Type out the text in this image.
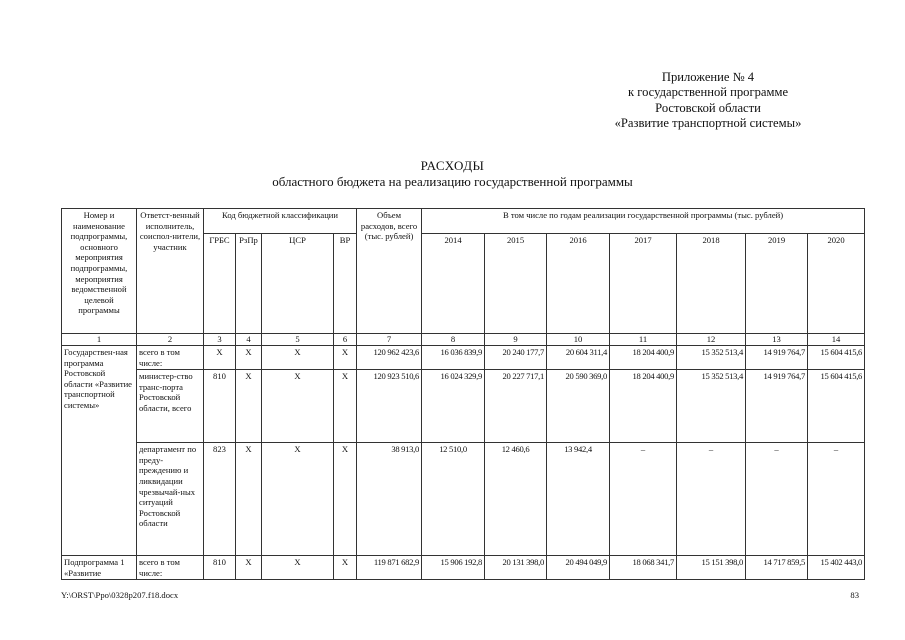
Приложение № 4
к государственной программе
Ростовской области
«Развитие транспортной системы»
РАСХОДЫ
областного бюджета на реализацию государственной программы
Номер и наименование подпрограммы, основного мероприятия подпрограммы, мероприятия ведомственной целевой программы	Ответст-венный исполнитель, соиспол-нители, участник	Код бюджетной классификации				Объем расходов, всего (тыс. рублей)	В том числе по годам реализации государственной программы (тыс. рублей)						
		ГРБС	РзПр	ЦСР	ВР		2014	2015	2016	2017	2018	2019	2020
1	2	3	4	5	6	7	8	9	10	11	12	13	14
Государствен-ная программа Ростовской области «Развитие транспортной системы»	всего в том числе:	X	X	X	X	120 962 423,6	16 036 839,9	20 240 177,7	20 604 311,4	18 204 400,9	15 352 513,4	14 919 764,7	15 604 415,6
	министер-ство транс-порта Ростовской области, всего	810	X	X	X	120 923 510,6	16 024 329,9	20 227 717,1	20 590 369,0	18 204 400,9	15 352 513,4	14 919 764,7	15 604 415,6
	департамент по преду-преждению и ликвидации чрезвычай-ных ситуаций Ростовской области	823	X	X	X	38 913,0	12 510,0	12 460,6	13 942,4	–	–	–	–
Подпрограмма 1 «Развитие	всего в том числе:	810	X	X	X	119 871 682,9	15 906 192,8	20 131 398,0	20 494 049,9	18 068 341,7	15 151 398,0	14 717 859,5	15 402 443,0
Y:\ORST\Ppo\0328p207.f18.docx	83
